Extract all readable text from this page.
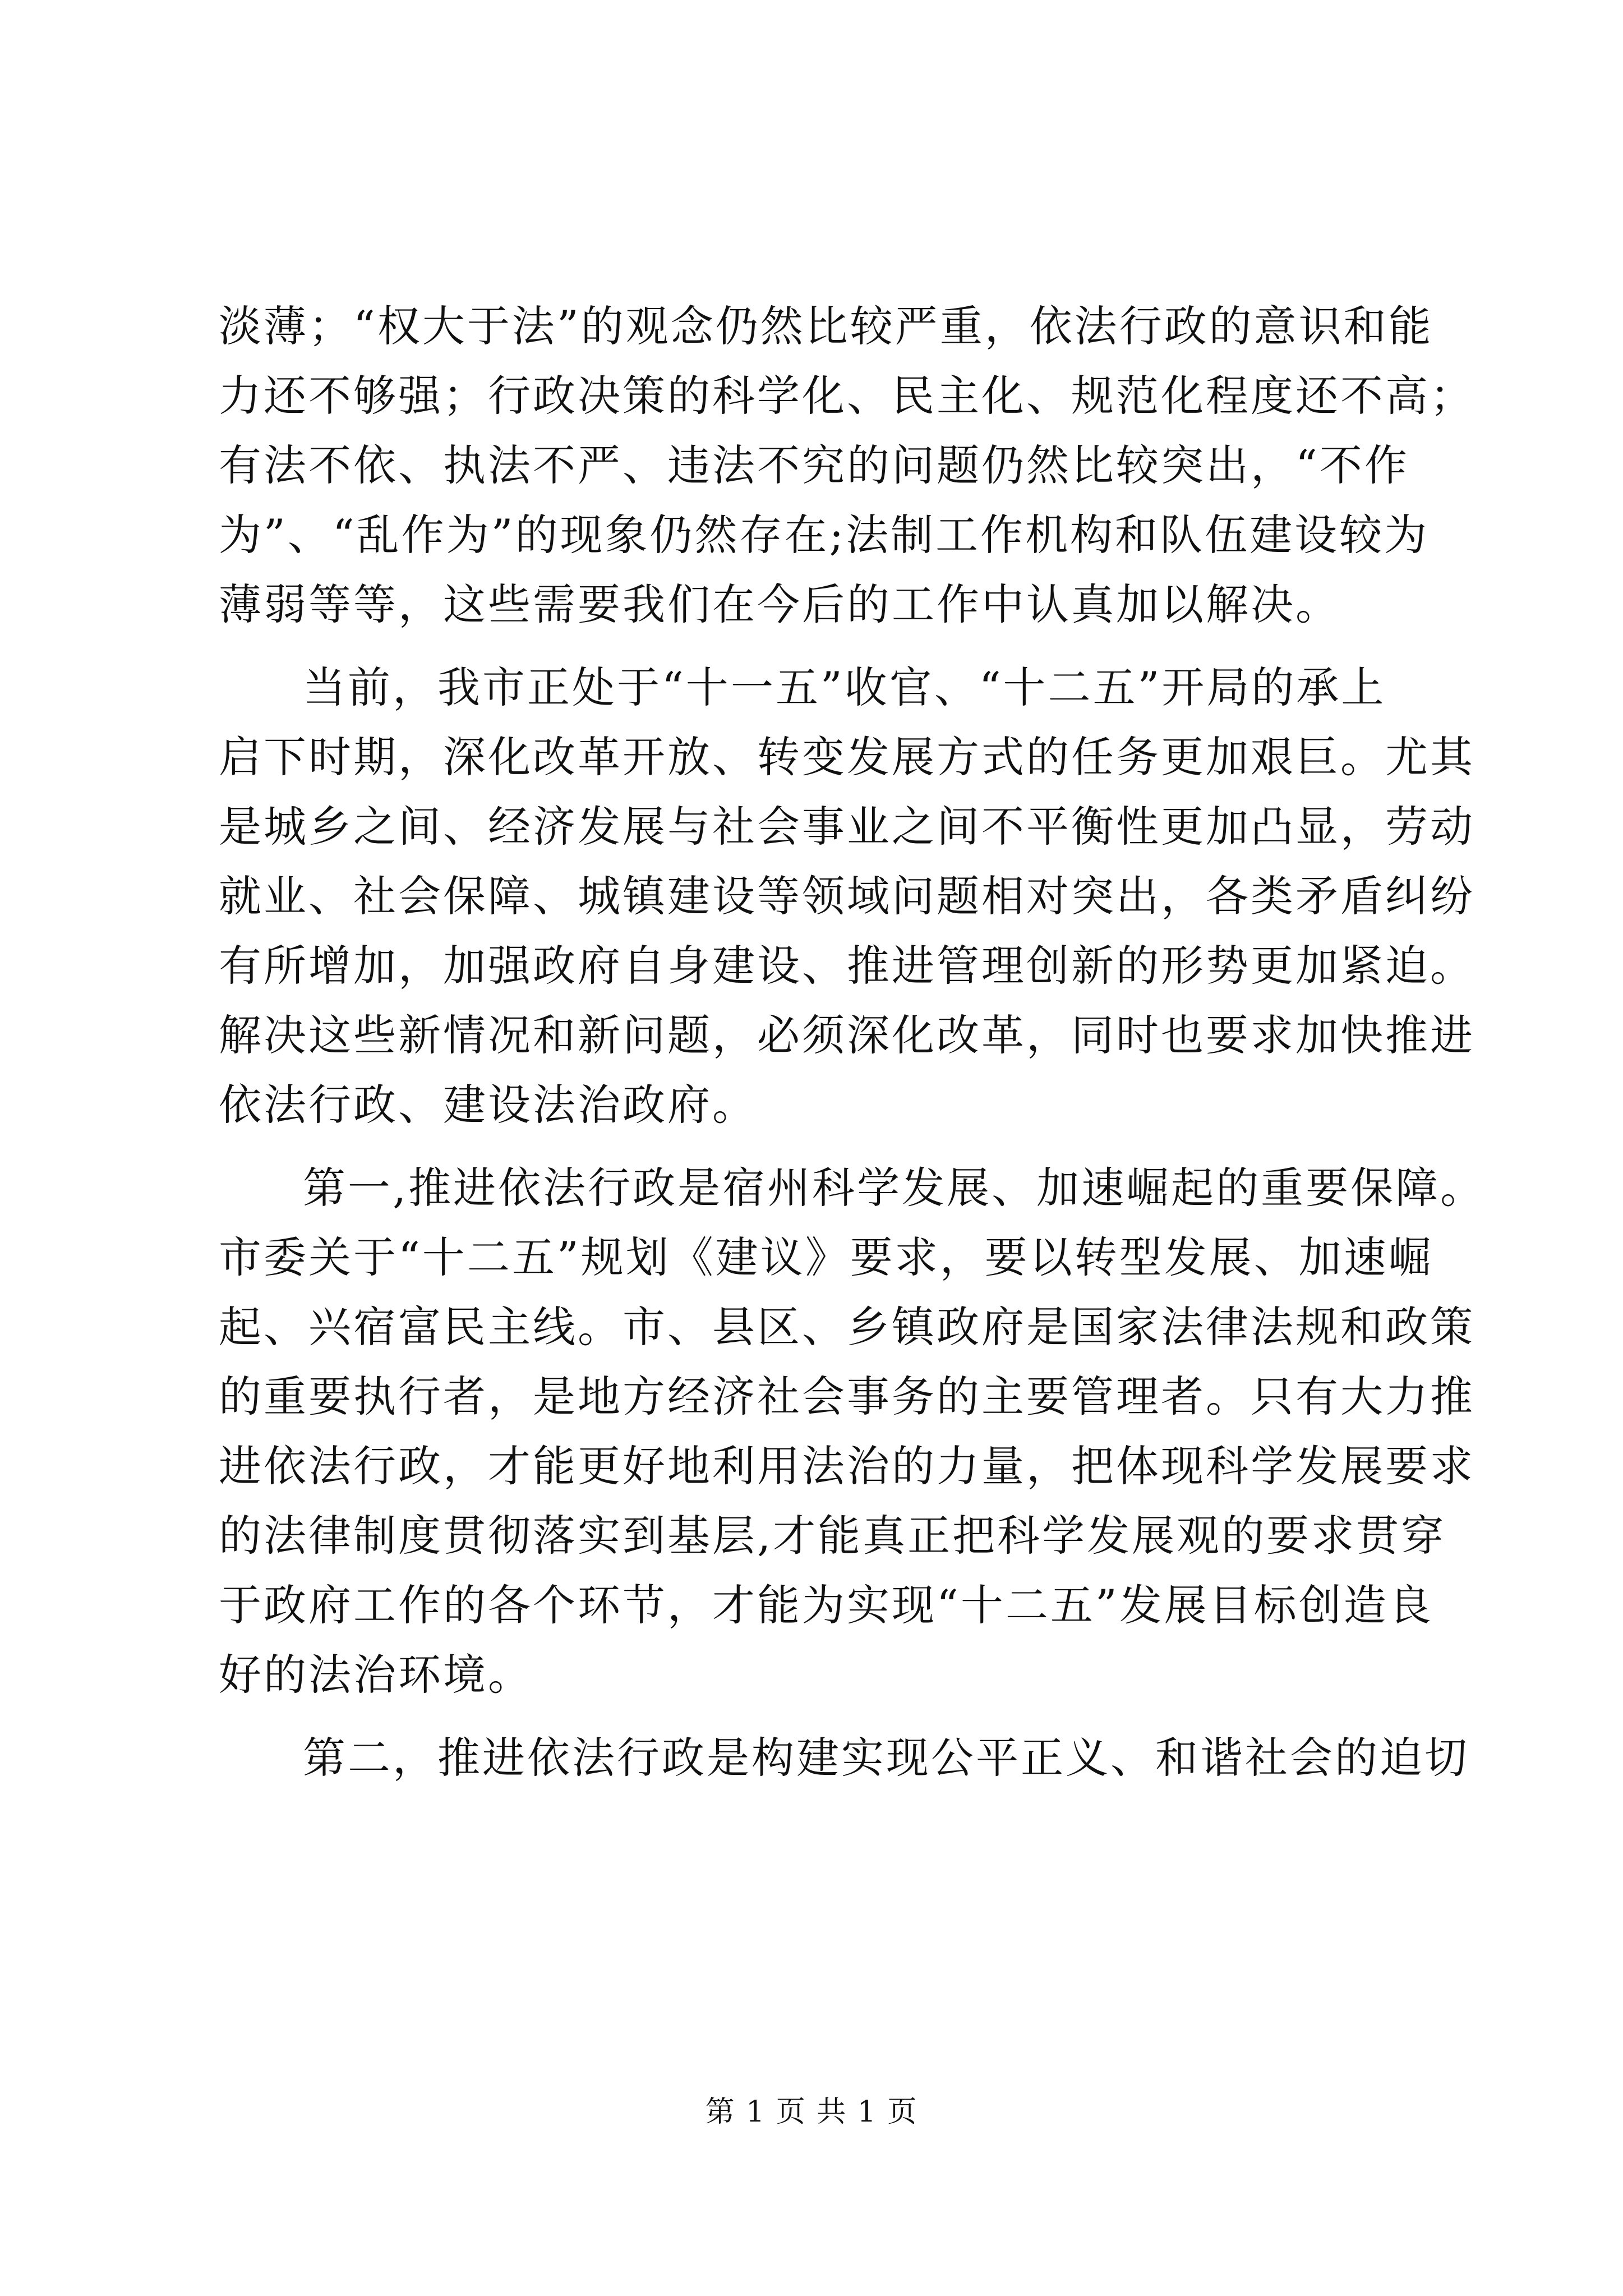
淡薄；“权大于法”的观念仍然比较严重，依法行政的意识和能
力还不够强；行政决策的科学化、民主化、规范化程度还不高；
有法不依、执法不严、违法不究的问题仍然比较突出，“不作
为”、“乱作为”的现象仍然存在;法制工作机构和队伍建设较为
薄弱等等，这些需要我们在今后的工作中认真加以解决。
当前，我市正处于“十一五”收官、“十二五”开局的承上
启下时期，深化改革开放、转变发展方式的任务更加艰巨。尤其
是城乡之间、经济发展与社会事业之间不平衡性更加凸显，劳动
就业、社会保障、城镇建设等领域问题相对突出，各类矛盾纠纷
有所增加，加强政府自身建设、推进管理创新的形势更加紧迫。
解决这些新情况和新问题，必须深化改革，同时也要求加快推进
依法行政、建设法治政府。
第一,推进依法行政是宿州科学发展、加速崛起的重要保障。
市委关于“十二五”规划《建议》要求，要以转型发展、加速崛
起、兴宿富民主线。市、县区、乡镇政府是国家法律法规和政策
的重要执行者，是地方经济社会事务的主要管理者。只有大力推
进依法行政，才能更好地利用法治的力量，把体现科学发展要求
的法律制度贯彻落实到基层,才能真正把科学发展观的要求贯穿
于政府工作的各个环节，才能为实现“十二五”发展目标创造良
好的法治环境。
第二，推进依法行政是构建实现公平正义、和谐社会的迫切
第 1 页 共 1 页
